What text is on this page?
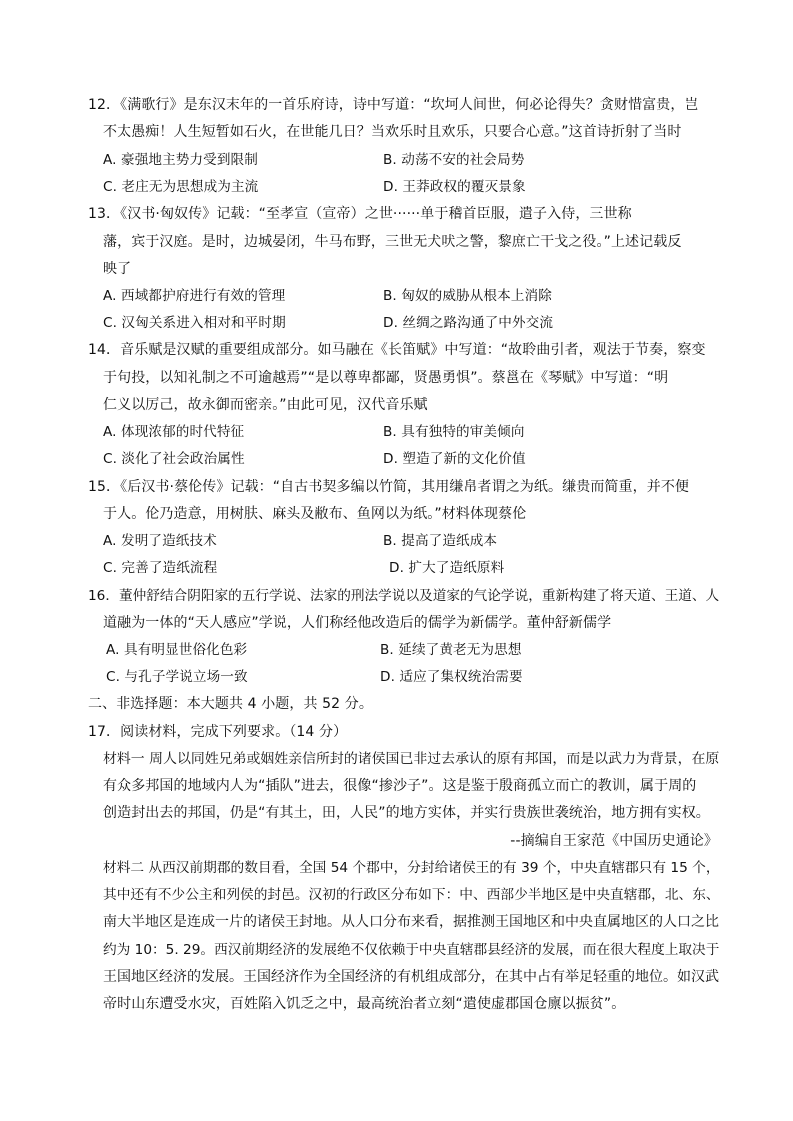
12．《满歌行》是东汉末年的一首乐府诗，诗中写道：“坎坷人间世，何必论得失？贪财惜富贵，岂
不太愚痴！人生短暂如石火，在世能几日？当欢乐时且欢乐，只要合心意。”这首诗折射了当时
A. 豪强地主势力受到限制	B. 动荡不安的社会局势
C. 老庄无为思想成为主流	D. 王莽政权的覆灭景象
13．《汉书·匈奴传》记载：“至孝宣（宣帝）之世······单于稽首臣服，遣子入侍，三世称
藩，宾于汉庭。是时，边城晏闭，牛马布野，三世无犬吠之警，黎庶亡干戈之役。”上述记载反
映了
A. 西域都护府进行有效的管理	B. 匈奴的威胁从根本上消除
C. 汉匈关系进入相对和平时期	D. 丝绸之路沟通了中外交流
14．音乐赋是汉赋的重要组成部分。如马融在《长笛赋》中写道：“故聆曲引者，观法于节奏，察变
于句投，以知礼制之不可逾越焉”“是以尊卑都鄙，贤愚勇惧”。蔡邕在《琴赋》中写道：“明
仁义以厉己，故永御而密亲。”由此可见，汉代音乐赋
A. 体现浓郁的时代特征	B. 具有独特的审美倾向
C. 淡化了社会政治属性	D. 塑造了新的文化价值
15．《后汉书·蔡伦传》记载：“自古书契多编以竹简，其用缣帛者谓之为纸。缣贵而简重，并不便
于人。伦乃造意，用树肤、麻头及敝布、鱼网以为纸。”材料体现蔡伦
A. 发明了造纸技术	B. 提高了造纸成本
C. 完善了造纸流程	D. 扩大了造纸原料
16．董仲舒结合阴阳家的五行学说、法家的刑法学说以及道家的气论学说，重新构建了将天道、王道、人
道融为一体的“天人感应”学说，人们称经他改造后的儒学为新儒学。董仲舒新儒学
A. 具有明显世俗化色彩	B. 延续了黄老无为思想
C. 与孔子学说立场一致	D. 适应了集权统治需要
二、非选择题：本大题共 4 小题，共 52 分。
17．阅读材料，完成下列要求。（14 分）
材料一 周人以同姓兄弟或姻姓亲信所封的诸侯国已非过去承认的原有邦国，而是以武力为背景，在原
有众多邦国的地域内人为“插队”进去，很像“掺沙子”。这是鉴于殷商孤立而亡的教训，属于周的
创造封出去的邦国，仍是“有其土，田，人民”的地方实体，并实行贵族世袭统治，地方拥有实权。
--摘编自王家范《中国历史通论》
材料二 从西汉前期郡的数目看，全国 54 个郡中，分封给诸侯王的有 39 个，中央直辖郡只有 15 个，
其中还有不少公主和列侯的封邑。汉初的行政区分布如下：中、西部少半地区是中央直辖郡，北、东、
南大半地区是连成一片的诸侯王封地。从人口分布来看，据推测王国地区和中央直属地区的人口之比
约为 10：5. 29。西汉前期经济的发展绝不仅依赖于中央直辖郡县经济的发展，而在很大程度上取决于
王国地区经济的发展。王国经济作为全国经济的有机组成部分，在其中占有举足轻重的地位。如汉武
帝时山东遭受水灾，百姓陷入饥乏之中，最高统治者立刻“遣使虚郡国仓廪以振贫”。
